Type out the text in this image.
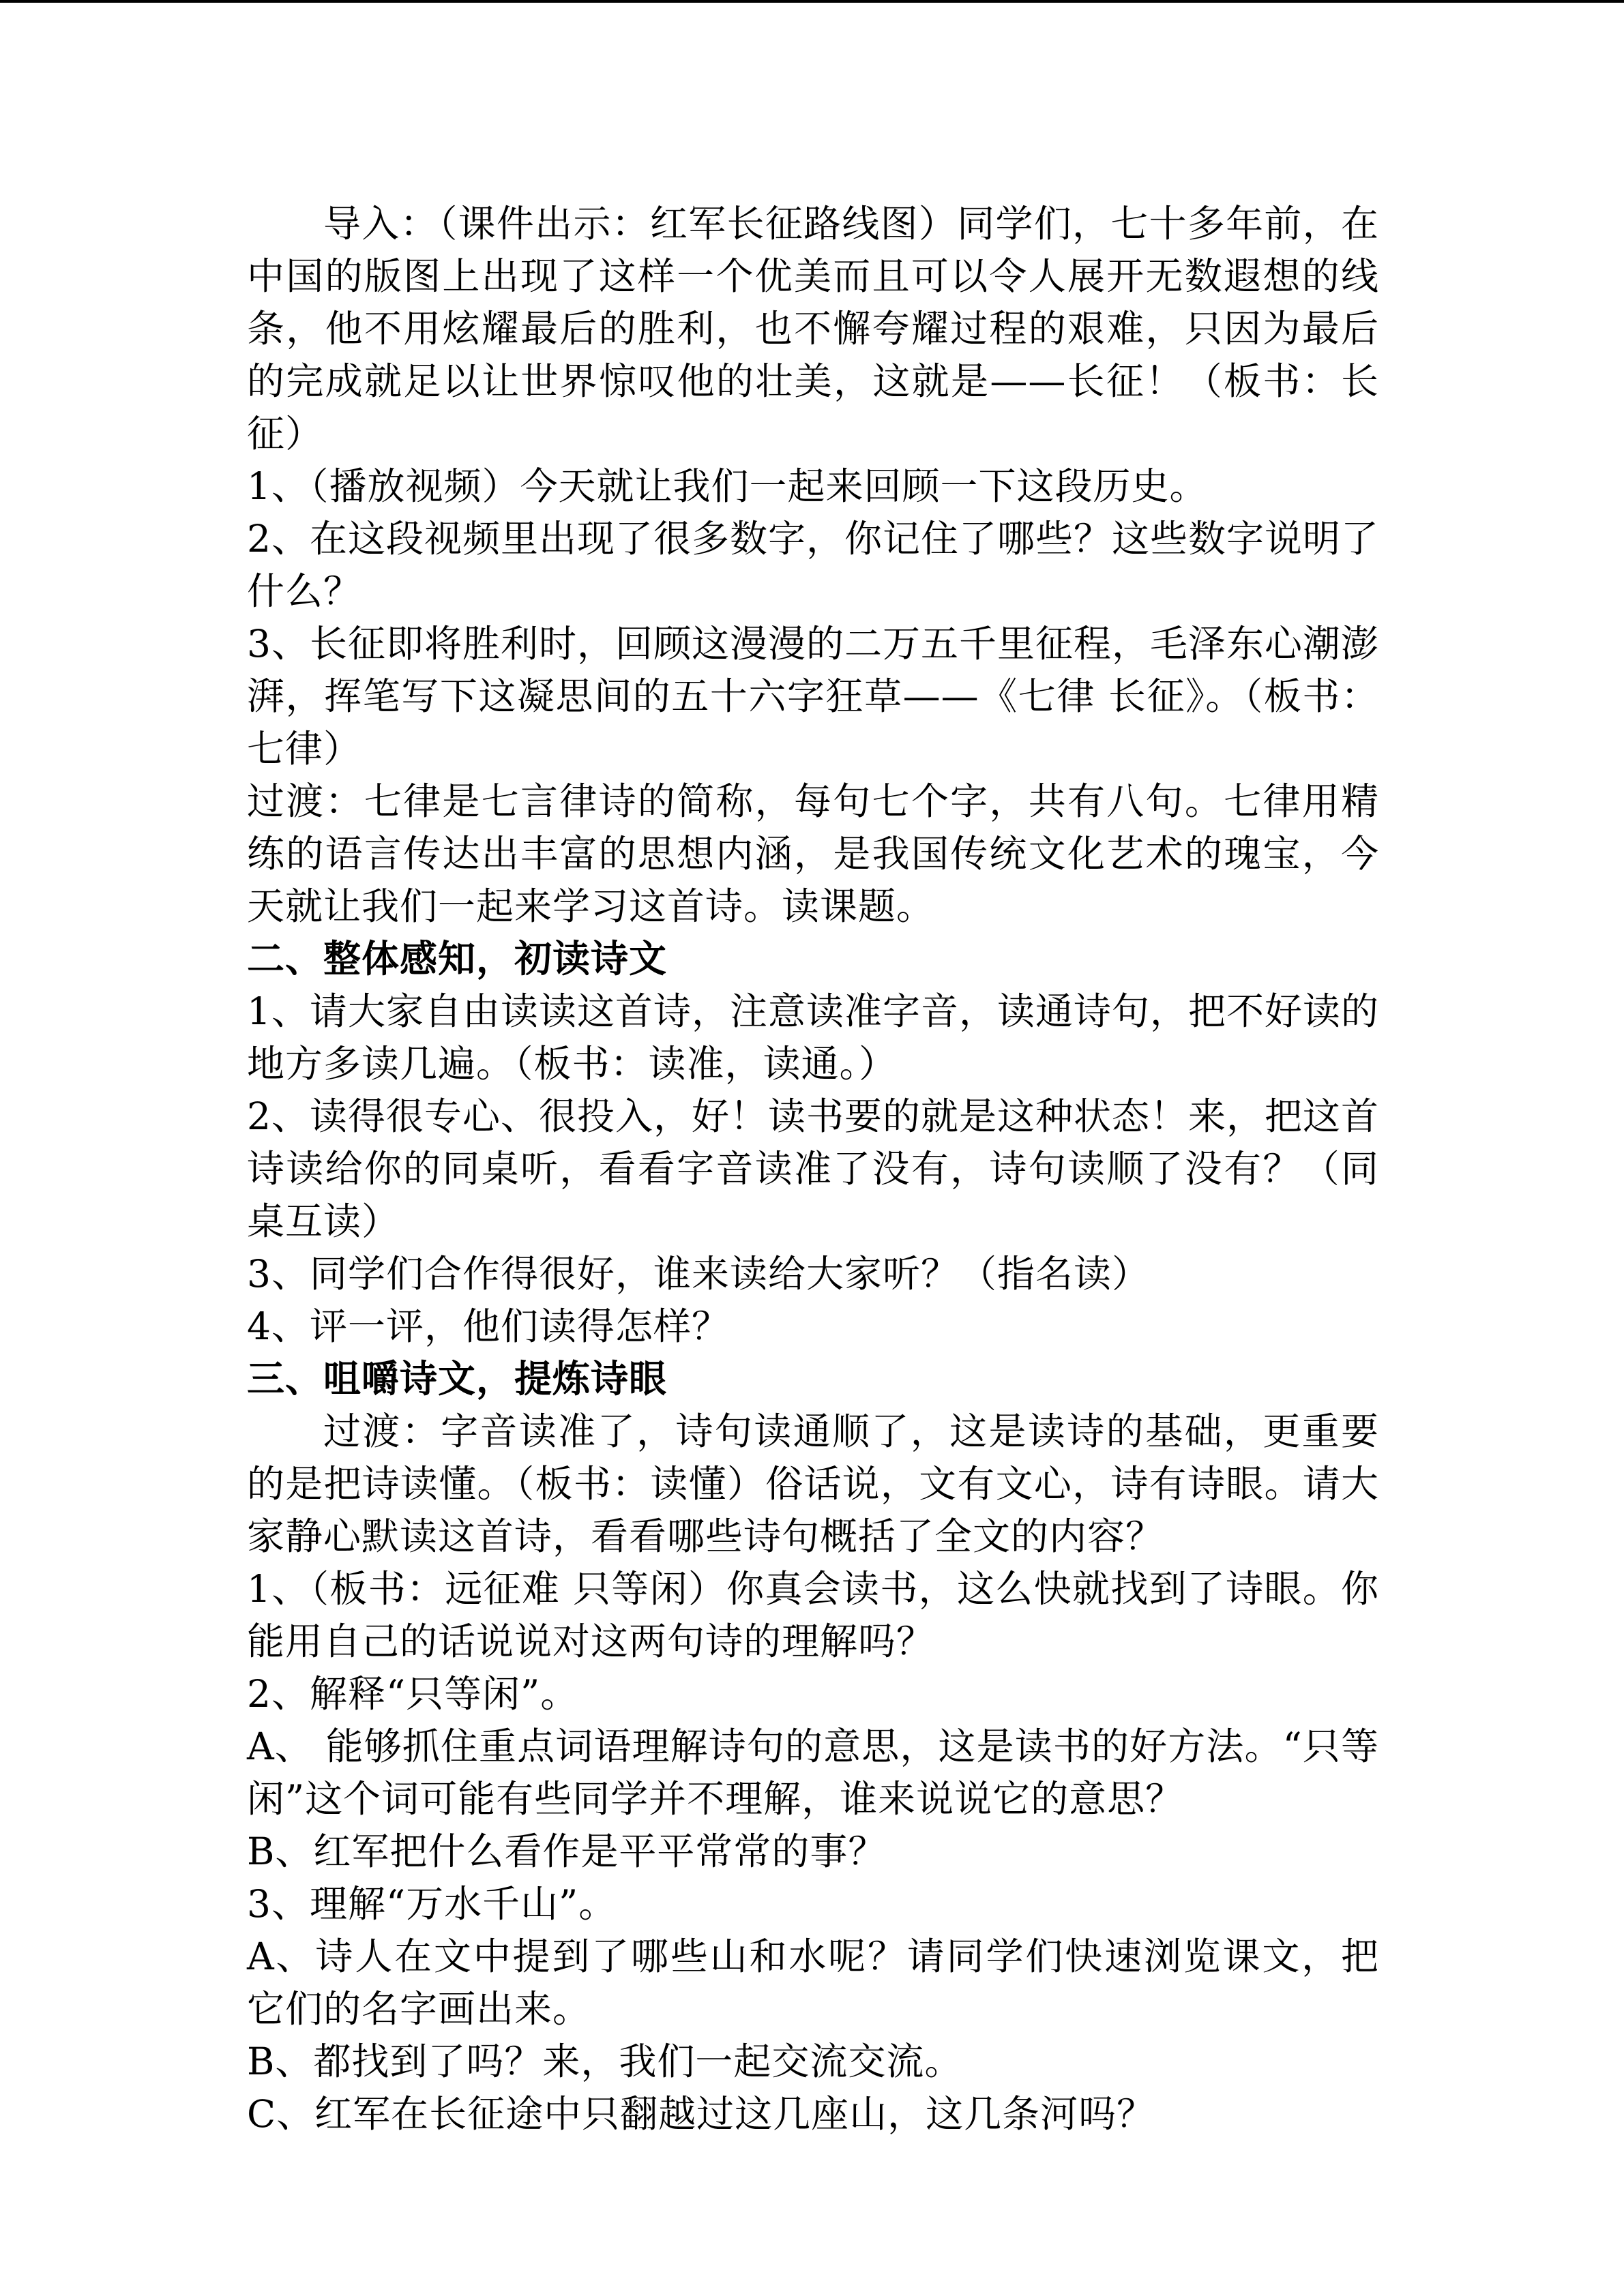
导入：（课件出示：红军长征路线图）同学们，七十多年前，在中国的版图上出现了这样一个优美而且可以令人展开无数遐想的线条，他不用炫耀最后的胜利，也不懈夸耀过程的艰难，只因为最后的完成就足以让世界惊叹他的壮美，这就是——长征！（板书：长征）

1、（播放视频）今天就让我们一起来回顾一下这段历史。

2、在这段视频里出现了很多数字，你记住了哪些？这些数字说明了什么？

3、长征即将胜利时，回顾这漫漫的二万五千里征程，毛泽东心潮澎湃，挥笔写下这凝思间的五十六字狂草——《七律 长征》。（板书：七律）

过渡：七律是七言律诗的简称，每句七个字，共有八句。七律用精练的语言传达出丰富的思想内涵，是我国传统文化艺术的瑰宝，今天就让我们一起来学习这首诗。读课题。

二、整体感知，初读诗文

1、请大家自由读读这首诗，注意读准字音，读通诗句，把不好读的地方多读几遍。（板书：读准，读通。）

2、读得很专心、很投入，好！读书要的就是这种状态！来，把这首诗读给你的同桌听，看看字音读准了没有，诗句读顺了没有？（同桌互读）

3、同学们合作得很好，谁来读给大家听？（指名读）

4、评一评，他们读得怎样？

三、咀嚼诗文，提炼诗眼

过渡：字音读准了，诗句读通顺了，这是读诗的基础，更重要的是把诗读懂。（板书：读懂）俗话说，文有文心，诗有诗眼。请大家静心默读这首诗，看看哪些诗句概括了全文的内容？

1、（板书：远征难 只等闲）你真会读书，这么快就找到了诗眼。你能用自己的话说说对这两句诗的理解吗？

2、解释“只等闲”。

A、 能够抓住重点词语理解诗句的意思，这是读书的好方法。“只等闲”这个词可能有些同学并不理解，谁来说说它的意思？

B、红军把什么看作是平平常常的事？

3、理解“万水千山”。

A、诗人在文中提到了哪些山和水呢？请同学们快速浏览课文，把它们的名字画出来。

B、都找到了吗？来，我们一起交流交流。

C、红军在长征途中只翻越过这几座山，这几条河吗？
